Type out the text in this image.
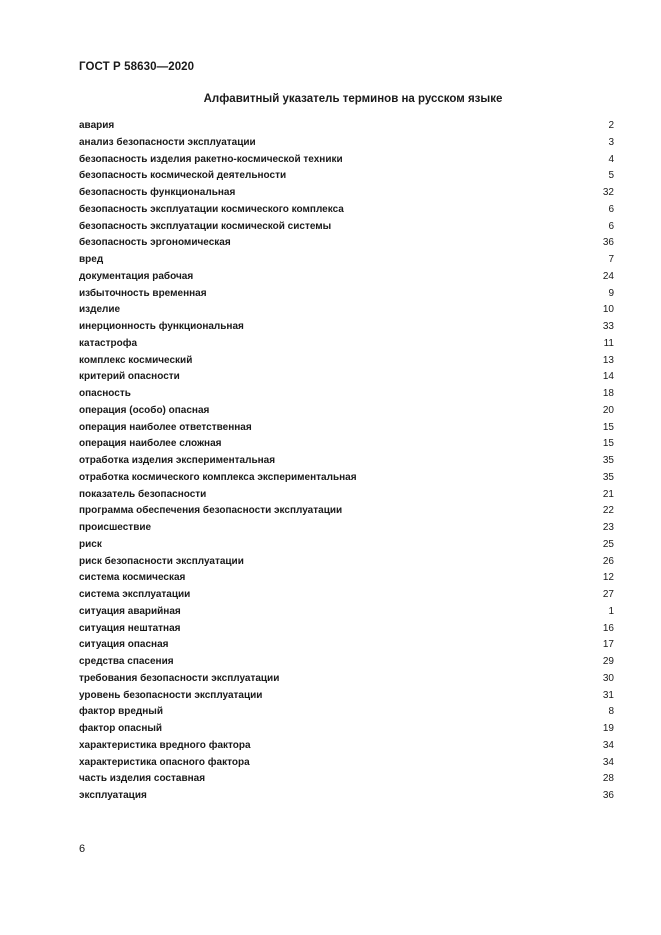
ГОСТ Р 58630—2020
Алфавитный указатель терминов на русском языке
авария	2
анализ безопасности эксплуатации	3
безопасность изделия ракетно-космической техники	4
безопасность космической деятельности	5
безопасность функциональная	32
безопасность эксплуатации космического комплекса	6
безопасность эксплуатации космической системы	6
безопасность эргономическая	36
вред	7
документация рабочая	24
избыточность временная	9
изделие	10
инерционность функциональная	33
катастрофа	11
комплекс космический	13
критерий опасности	14
опасность	18
операция (особо) опасная	20
операция наиболее ответственная	15
операция наиболее сложная	15
отработка изделия экспериментальная	35
отработка космического комплекса экспериментальная	35
показатель безопасности	21
программа обеспечения безопасности эксплуатации	22
происшествие	23
риск	25
риск безопасности эксплуатации	26
система космическая	12
система эксплуатации	27
ситуация аварийная	1
ситуация нештатная	16
ситуация опасная	17
средства спасения	29
требования безопасности эксплуатации	30
уровень безопасности эксплуатации	31
фактор вредный	8
фактор опасный	19
характеристика вредного фактора	34
характеристика опасного фактора	34
часть изделия составная	28
эксплуатация	36
6
